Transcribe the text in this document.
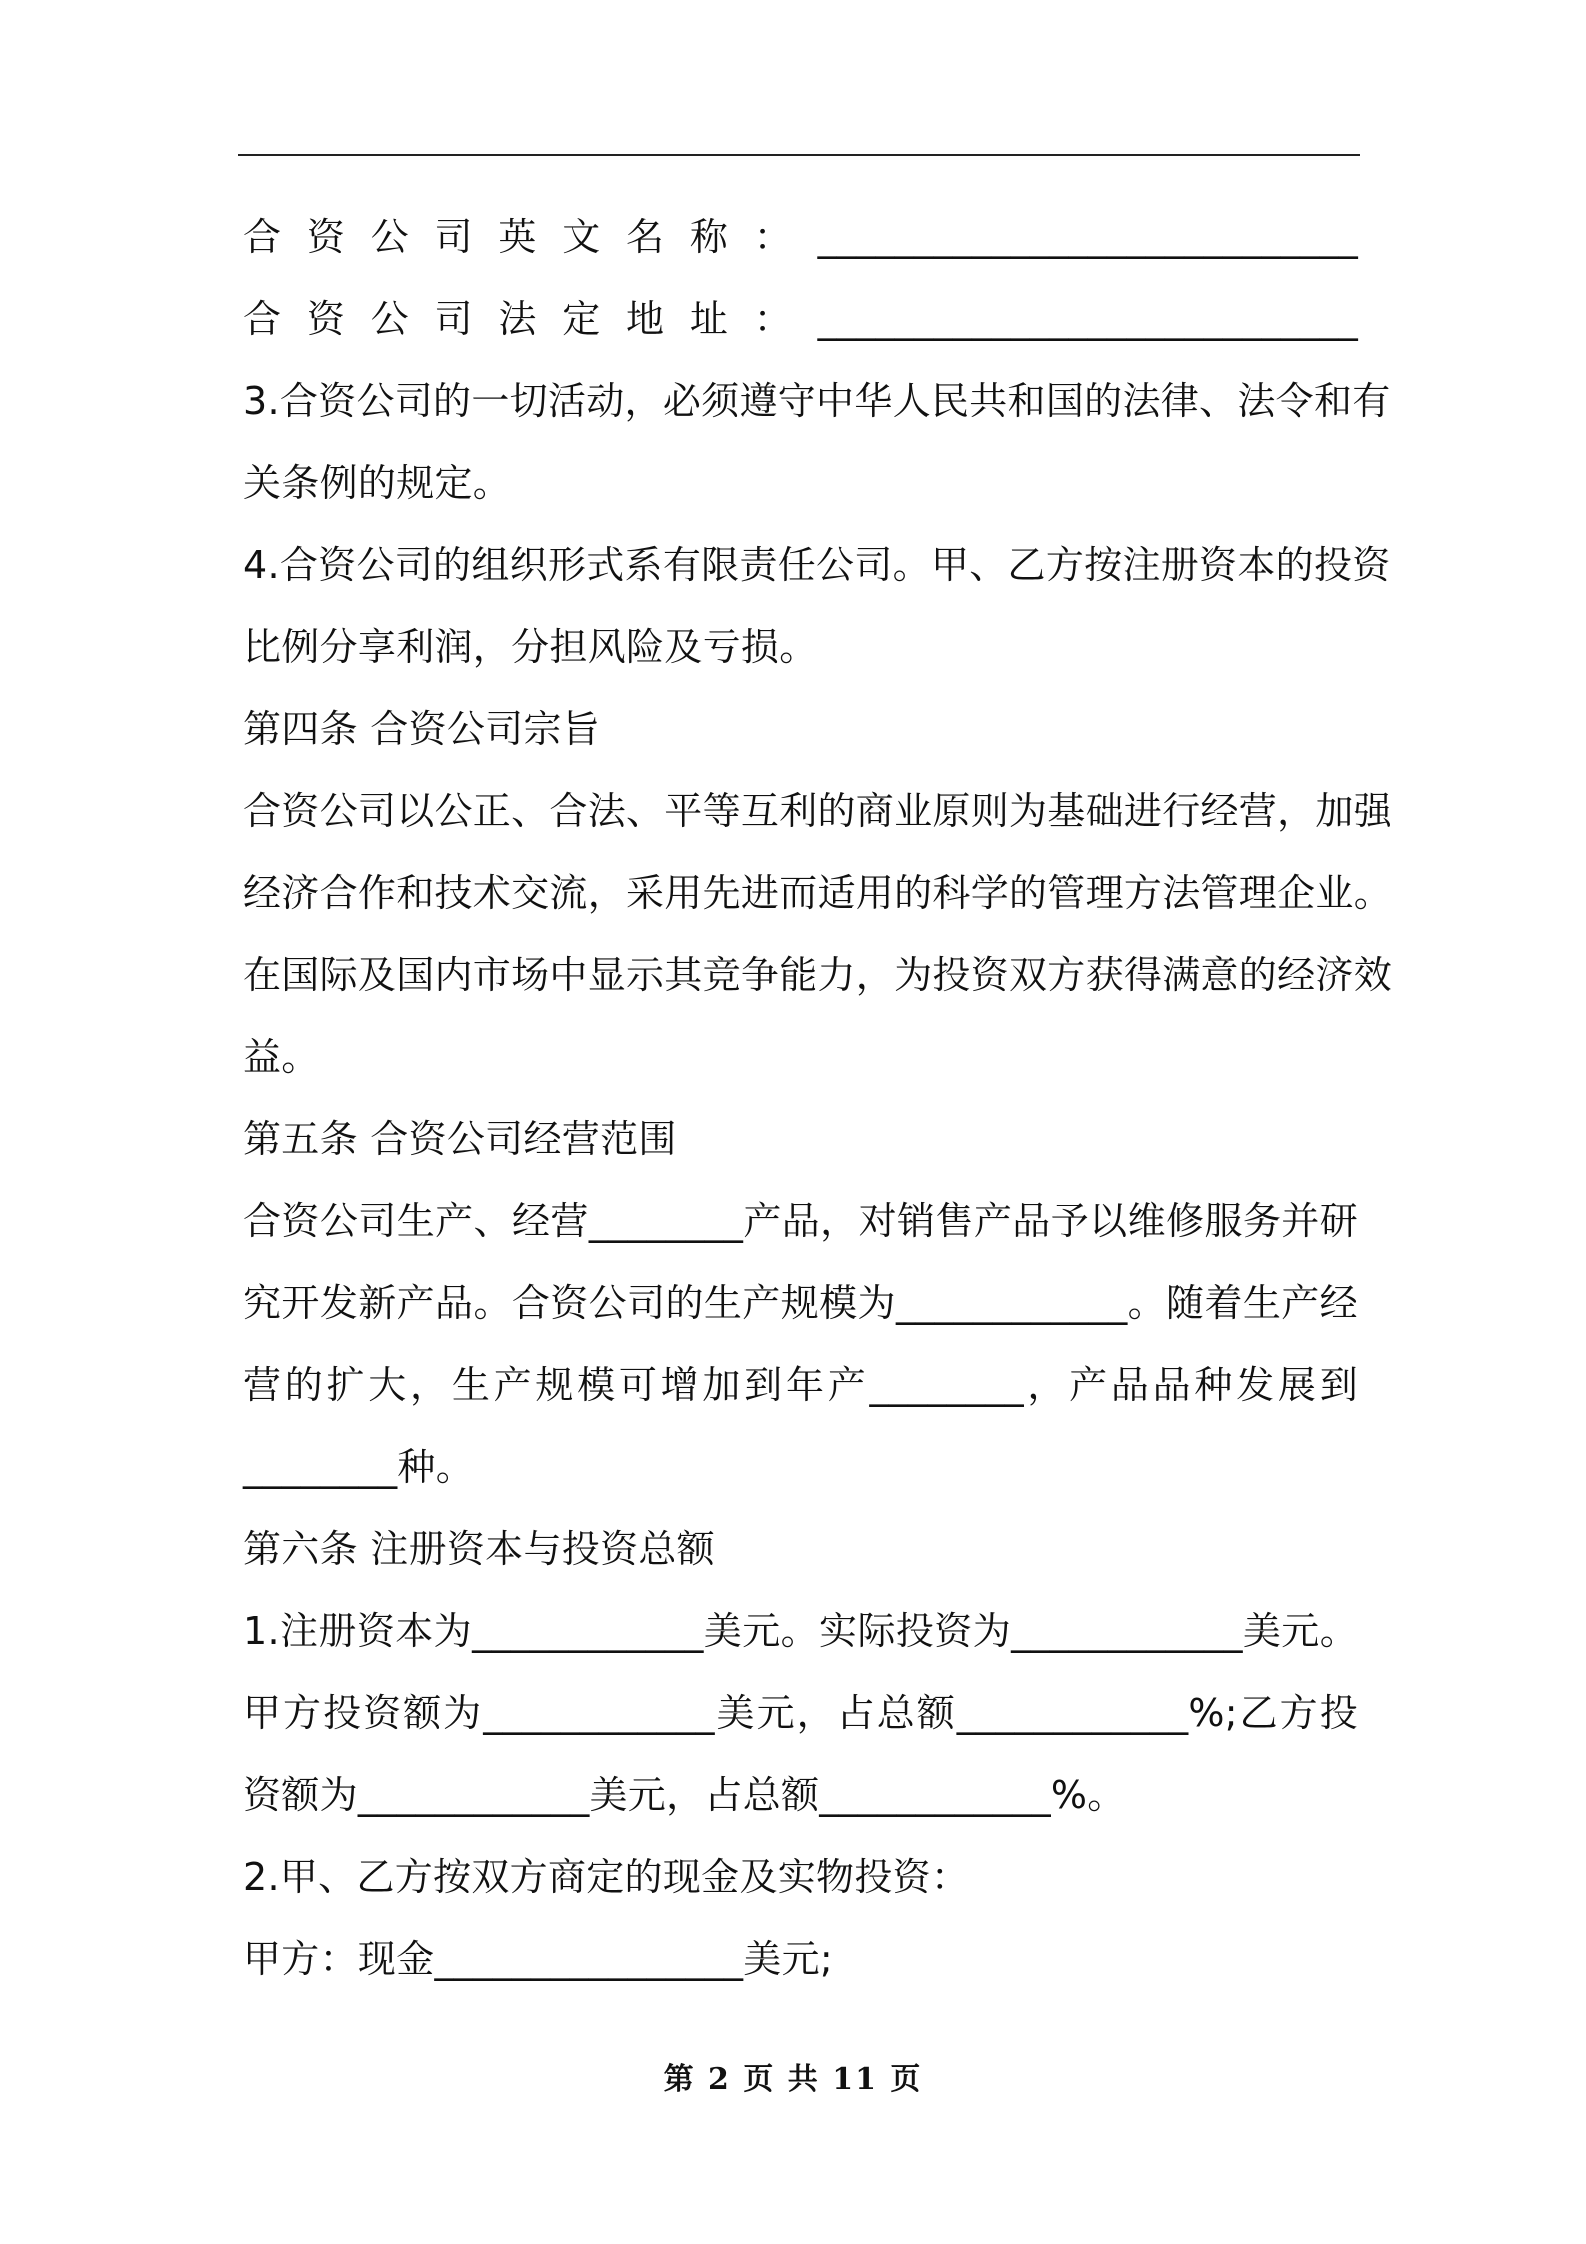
合资公司英文名称：____________________________
合资公司法定地址：____________________________
3.合资公司的一切活动，必须遵守中华人民共和国的法律、法令和有
关条例的规定。
4.合资公司的组织形式系有限责任公司。甲、乙方按注册资本的投资
比例分享利润，分担风险及亏损。
第四条 合资公司宗旨
合资公司以公正、合法、平等互利的商业原则为基础进行经营，加强
经济合作和技术交流，采用先进而适用的科学的管理方法管理企业。
在国际及国内市场中显示其竞争能力，为投资双方获得满意的经济效
益。
第五条 合资公司经营范围
合资公司生产、经营________产品，对销售产品予以维修服务并研
究开发新产品。合资公司的生产规模为____________。随着生产经
营的扩大，生产规模可增加到年产________，产品品种发展到
________种。
第六条 注册资本与投资总额
1.注册资本为____________美元。实际投资为____________美元。
甲方投资额为____________美元，占总额____________%;乙方投
资额为____________美元，占总额____________%。
2.甲、乙方按双方商定的现金及实物投资：
甲方：现金________________美元;
第 2 页 共 11 页
